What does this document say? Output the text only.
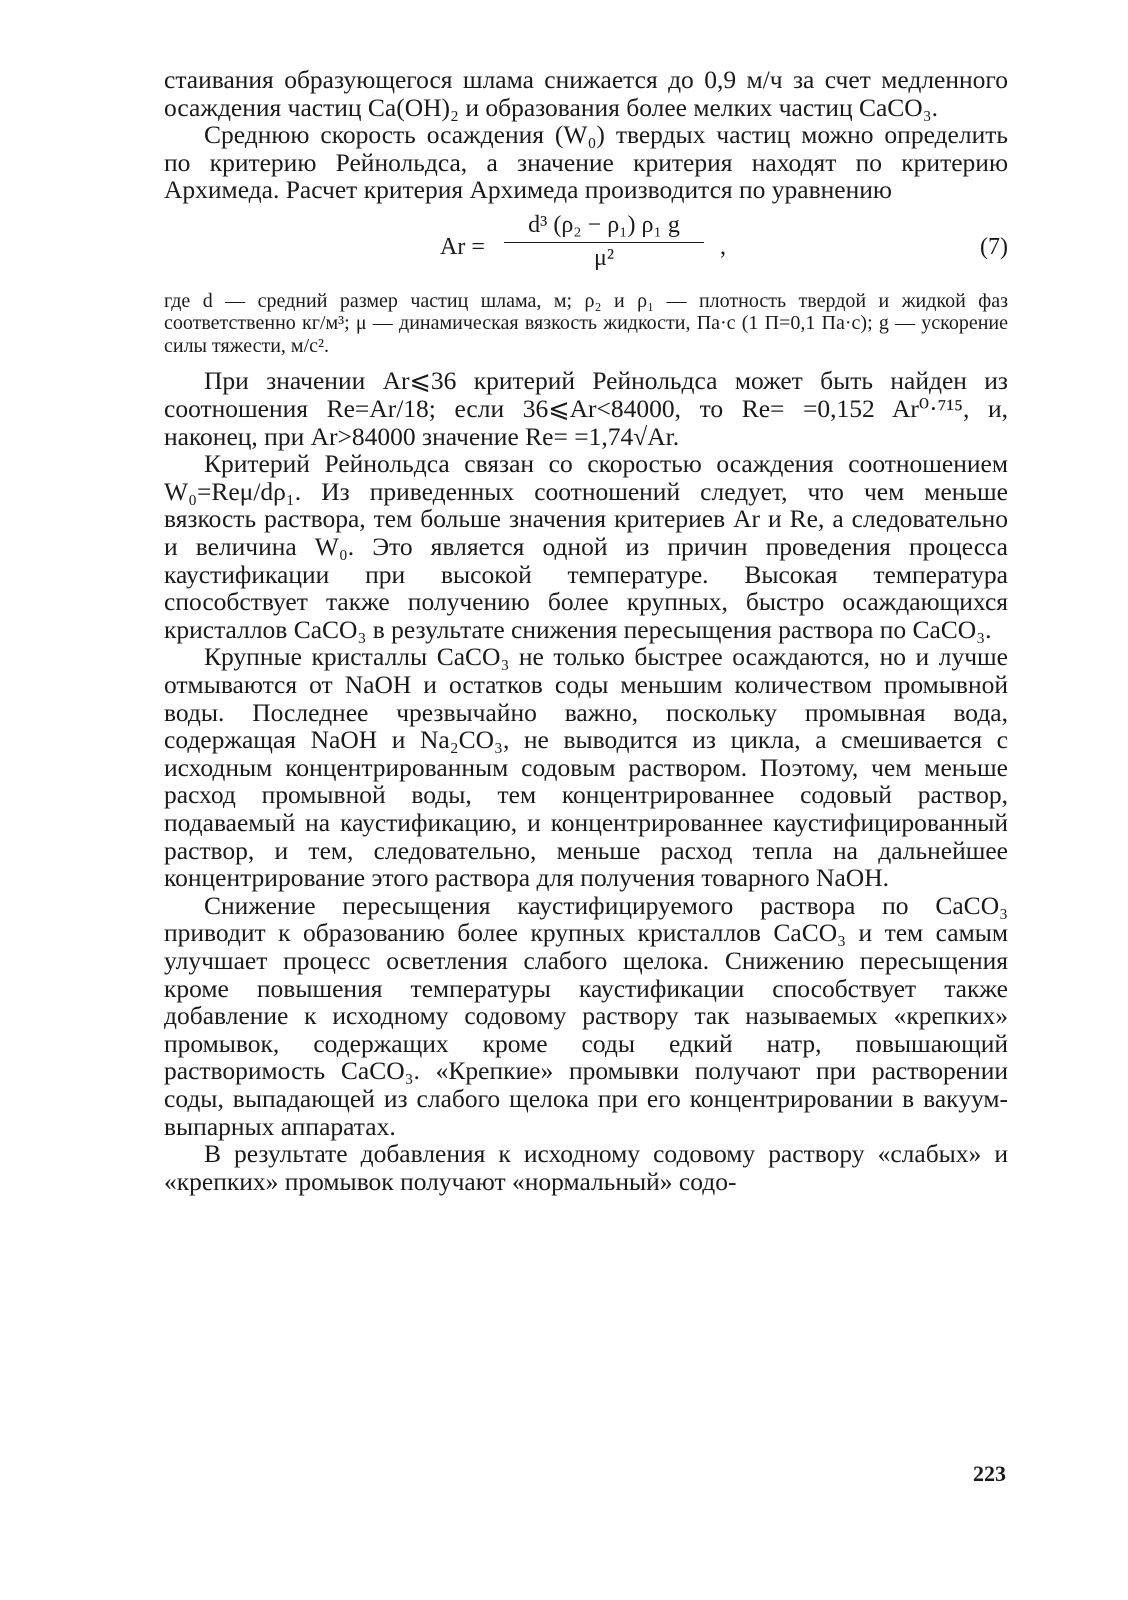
стаивания образующегося шлама снижается до 0,9 м/ч за счет медленного осаждения частиц Ca(OH)₂ и образования более мелких частиц CaCO₃.

Среднюю скорость осаждения (W₀) твердых частиц можно определить по критерию Рейнольдса, а значение критерия находят по критерию Архимеда. Расчет критерия Архимеда производится по уравнению

$Ar = \frac{\text{d³ (ρ₂ − ρ₁) ρ₁ g}}{\text{μ²}}$ ,	(7)
где d — средний размер частиц шлама, м; ρ₂ и ρ₁ — плотность твердой и жидкой фаз соответственно кг/м³; μ — динамическая вязкость жидкости, Па·с (1 П=0,1 Па·с); g — ускорение силы тяжести, м/с².

При значении Ar⩽36 критерий Рейнольдса может быть найден из соотношения Re=Ar/18; если 36⩽Ar<84000, то Re= =0,152 Ar⁰·⁷¹⁵, и, наконец, при Ar>84000 значение Re= =1,74√Ar.

Критерий Рейнольдса связан со скоростью осаждения соотношением W₀=Reμ/dρ₁. Из приведенных соотношений следует, что чем меньше вязкость раствора, тем больше значения критериев Ar и Re, а следовательно и величина W₀. Это является одной из причин проведения процесса каустификации при высокой температуре. Высокая температура способствует также получению более крупных, быстро осаждающихся кристаллов CaCO₃ в результате снижения пересыщения раствора по CaCO₃.

Крупные кристаллы CaCO₃ не только быстрее осаждаются, но и лучше отмываются от NaOH и остатков соды меньшим количеством промывной воды. Последнее чрезвычайно важно, поскольку промывная вода, содержащая NaOH и Na₂CO₃, не выводится из цикла, а смешивается с исходным концентрированным содовым раствором. Поэтому, чем меньше расход промывной воды, тем концентрированнее содовый раствор, подаваемый на каустификацию, и концентрированнее каустифицированный раствор, и тем, следовательно, меньше расход тепла на дальнейшее концентрирование этого раствора для получения товарного NaOH.

Снижение пересыщения каустифицируемого раствора по CaCO₃ приводит к образованию более крупных кристаллов CaCO₃ и тем самым улучшает процесс осветления слабого щелока. Снижению пересыщения кроме повышения температуры каустификации способствует также добавление к исходному содовому раствору так называемых «крепких» промывок, содержащих кроме соды едкий натр, повышающий растворимость CaCO₃. «Крепкие» промывки получают при растворении соды, выпадающей из слабого щелока при его концентрировании в вакуум-выпарных аппаратах.

В результате добавления к исходному содовому раствору «слабых» и «крепких» промывок получают «нормальный» содо-

223
